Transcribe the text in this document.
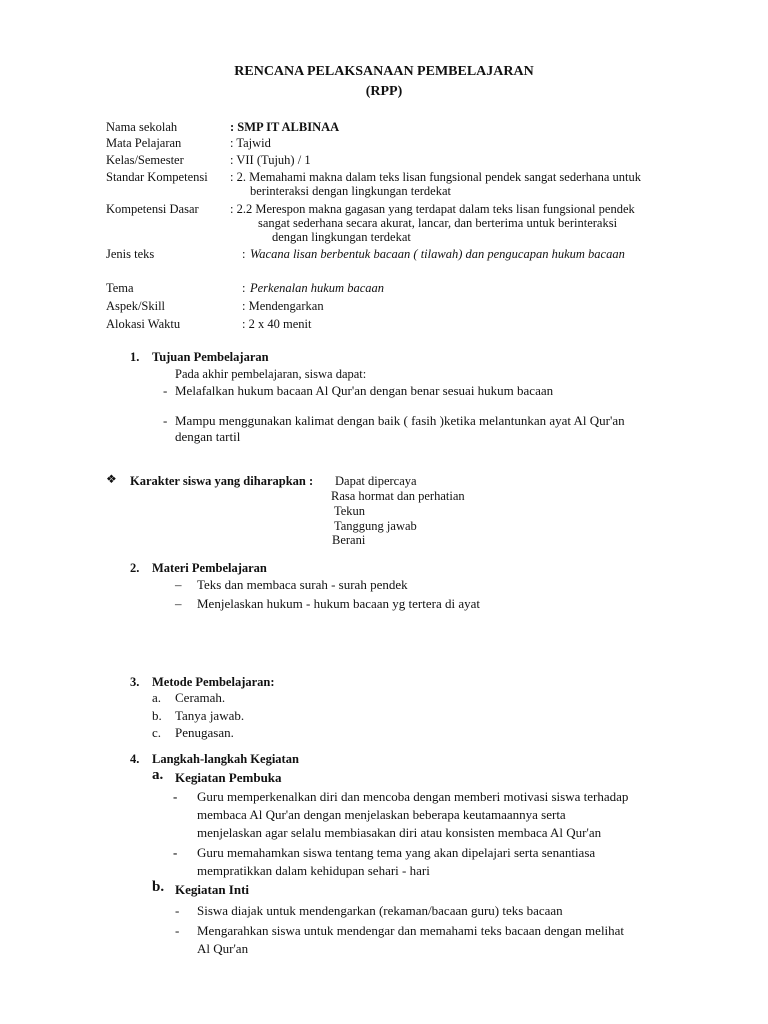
RENCANA PELAKSANAAN PEMBELAJARAN
(RPP)
Nama sekolah	: SMP IT ALBINAA
Mata Pelajaran	: Tajwid
Kelas/Semester	: VII (Tujuh) / 1
Standar Kompetensi : 2. Memahami makna dalam teks lisan fungsional pendek sangat sederhana untuk
berinteraksi dengan lingkungan terdekat
Kompetensi Dasar	: 2.2 Merespon makna gagasan yang terdapat dalam teks lisan fungsional pendek
sangat sederhana secara akurat, lancar, dan berterima untuk berinteraksi
dengan lingkungan terdekat
Jenis teks	: Wacana lisan berbentuk bacaan ( tilawah) dan pengucapan hukum bacaan
Tema	: Perkenalan hukum bacaan
Aspek/Skill	: Mendengarkan
Alokasi Waktu	: 2 x 40 menit
1. Tujuan Pembelajaran
Pada akhir pembelajaran, siswa dapat:
- Melafalkan hukum bacaan Al Qur'an dengan benar sesuai hukum bacaan
- Mampu menggunakan kalimat dengan baik ( fasih )ketika melantunkan ayat Al Qur'an
dengan tartil
❖ Karakter siswa yang diharapkan : Dapat dipercaya
Rasa hormat dan perhatian
Tekun
Tanggung jawab
Berani
2. Materi Pembelajaran
– Teks dan membaca surah - surah pendek
– Menjelaskan hukum - hukum bacaan yg tertera di ayat
3. Metode Pembelajaran:
a. Ceramah.
b. Tanya jawab.
c. Penugasan.
4. Langkah-langkah Kegiatan
a. Kegiatan Pembuka
- Guru memperkenalkan diri dan mencoba dengan memberi motivasi siswa terhadap
membaca Al Qur'an dengan menjelaskan beberapa keutamaannya serta
menjelaskan agar selalu membiasakan diri atau konsisten membaca Al Qur'an
- Guru memahamkan siswa tentang tema yang akan dipelajari serta senantiasa
mempratikkan dalam kehidupan sehari - hari
b. Kegiatan Inti
- Siswa diajak untuk mendengarkan (rekaman/bacaan guru) teks bacaan
- Mengarahkan siswa untuk mendengar dan memahami teks bacaan dengan melihat
Al Qur'an
